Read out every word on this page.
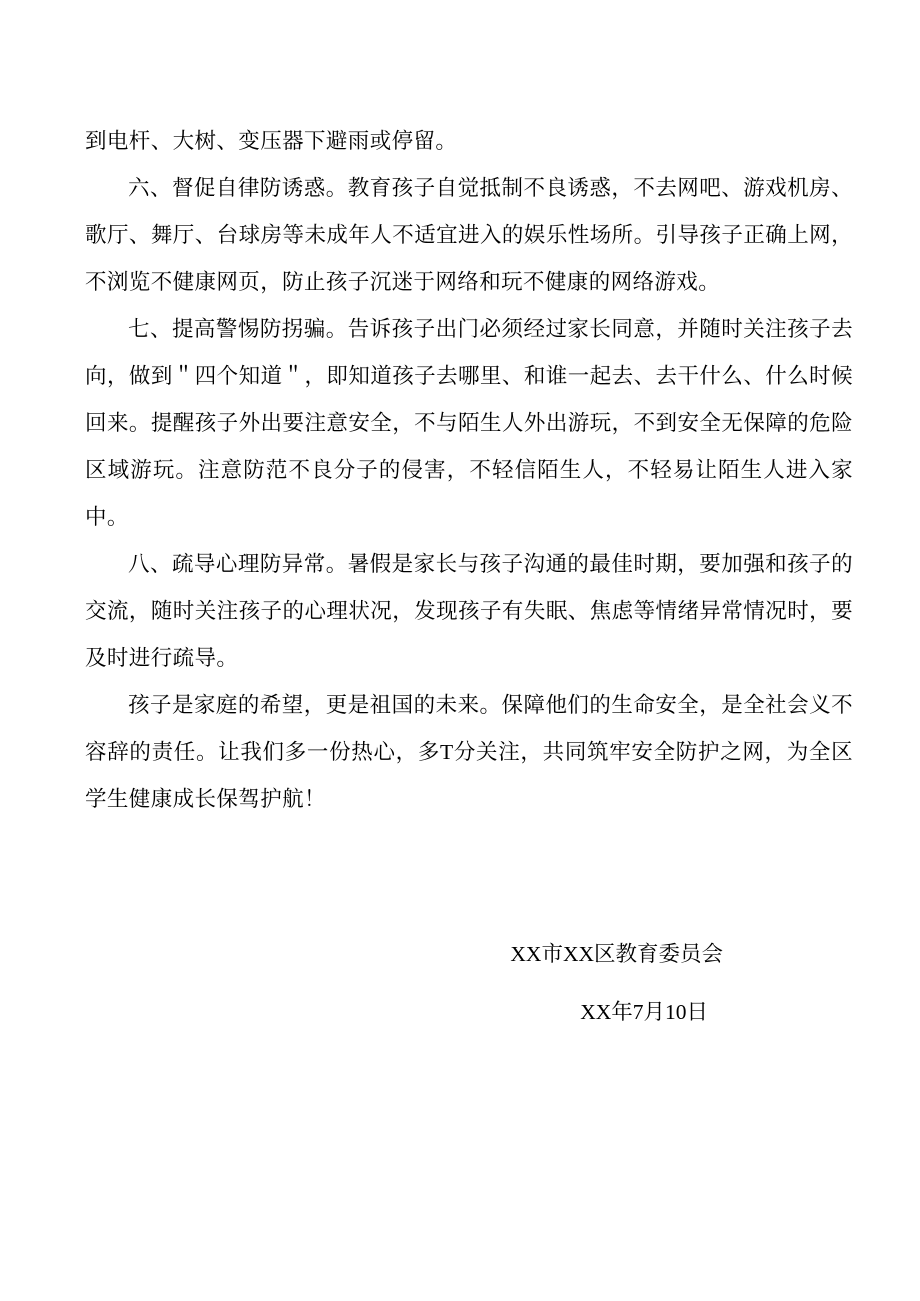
到电杆、大树、变压器下避雨或停留。

六、督促自律防诱惑。教育孩子自觉抵制不良诱惑，不去网吧、游戏机房、歌厅、舞厅、台球房等未成年人不适宜进入的娱乐性场所。引导孩子正确上网，不浏览不健康网页，防止孩子沉迷于网络和玩不健康的网络游戏。

七、提高警惕防拐骗。告诉孩子出门必须经过家长同意，并随时关注孩子去向，做到＂四个知道＂，即知道孩子去哪里、和谁一起去、去干什么、什么时候回来。提醒孩子外出要注意安全，不与陌生人外出游玩，不到安全无保障的危险区域游玩。注意防范不良分子的侵害，不轻信陌生人，不轻易让陌生人进入家中。

八、疏导心理防异常。暑假是家长与孩子沟通的最佳时期，要加强和孩子的交流，随时关注孩子的心理状况，发现孩子有失眠、焦虑等情绪异常情况时，要及时进行疏导。

孩子是家庭的希望，更是祖国的未来。保障他们的生命安全，是全社会义不容辞的责任。让我们多一份热心，多T分关注，共同筑牢安全防护之网，为全区学生健康成长保驾护航！

XX市XX区教育委员会

XX年7月10日
